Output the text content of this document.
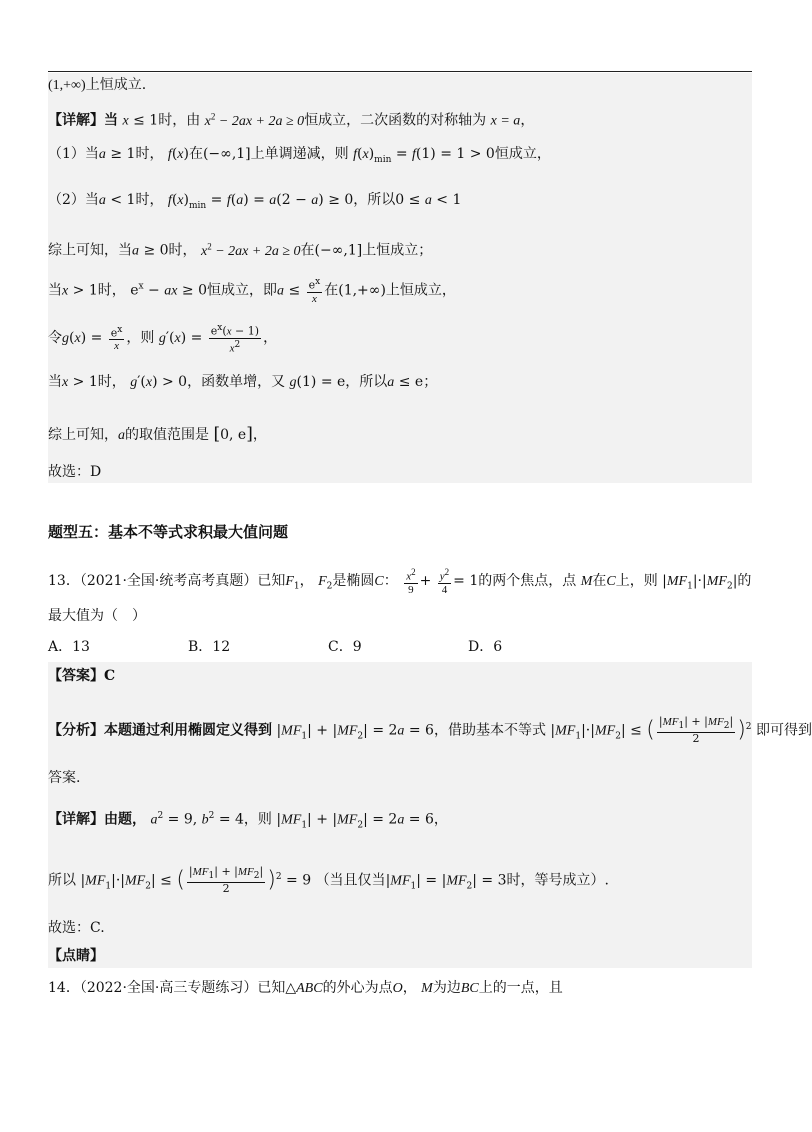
(1,+∞)上恒成立.
【详解】当 x ≤ 1时，由 $x^2 - 2ax + 2a \ge 0$恒成立，二次函数的对称轴为 x = a，
（1）当a ≥ 1时， f(x)在(−∞,1]上单调递减，则 $f(x)_{min} = f(1) = 1 > 0$恒成立，
（2）当a < 1时， $f(x)_{min} = f(a) = a(2 - a) \ge 0$，所以0 ≤ a < 1
综上可知，当a ≥ 0时， $x^2 - 2ax + 2a \ge 0$在(−∞,1]上恒成立；
当x > 1时， $e^x$ − ax ≥ 0恒成立，即$a \le \frac{e^x}{x}$ 在(1,+∞)上恒成立，
令$g(x) = \frac{e^x}{x}$ ，则 $g'(x) = \frac{e^x(x - 1)}{x^2}$ ，
当x > 1时， g′(x) > 0，函数单增，又 g(1) = e，所以a ≤ e；
综上可知，a的取值范围是 [0, e]，
故选：D
题型五：基本不等式求积最大值问题
13．（2021·全国·统考高考真题）已知$F_1$， $F_2$是椭圆C： $\frac{x^2}{9} + \frac{y^2}{4} = 1$的两个焦点，点 M在C上，则 $|MF_1|\cdot|MF_2|$的
最大值为（　）
A．13	B．12	C．9	D．6
【答案】C
【分析】本题通过利用椭圆定义得到 $|MF_1| + |MF_2| = 2a = 6$，借助基本不等式 $|MF_1|\cdot|MF_2|$ ≤ ( $\frac{|MF_1| + |MF_2|}{2} )^2$ 即可得到
答案.
【详解】由题， $a^2 = 9$, $b^2 = 4$，则 $|MF_1| + |MF_2| = 2a = 6$，
所以 $|MF_1|\cdot|MF_2|$ ≤ ( $\frac{|MF_1| + |MF_2|}{2} )^2 = 9$ （当且仅当$|MF_1| = |MF_2| = 3$时，等号成立）.
故选：C.
【点睛】
14．（2022·全国·高三专题练习）已知△ABC的外心为点O， M为边BC上的一点，且
